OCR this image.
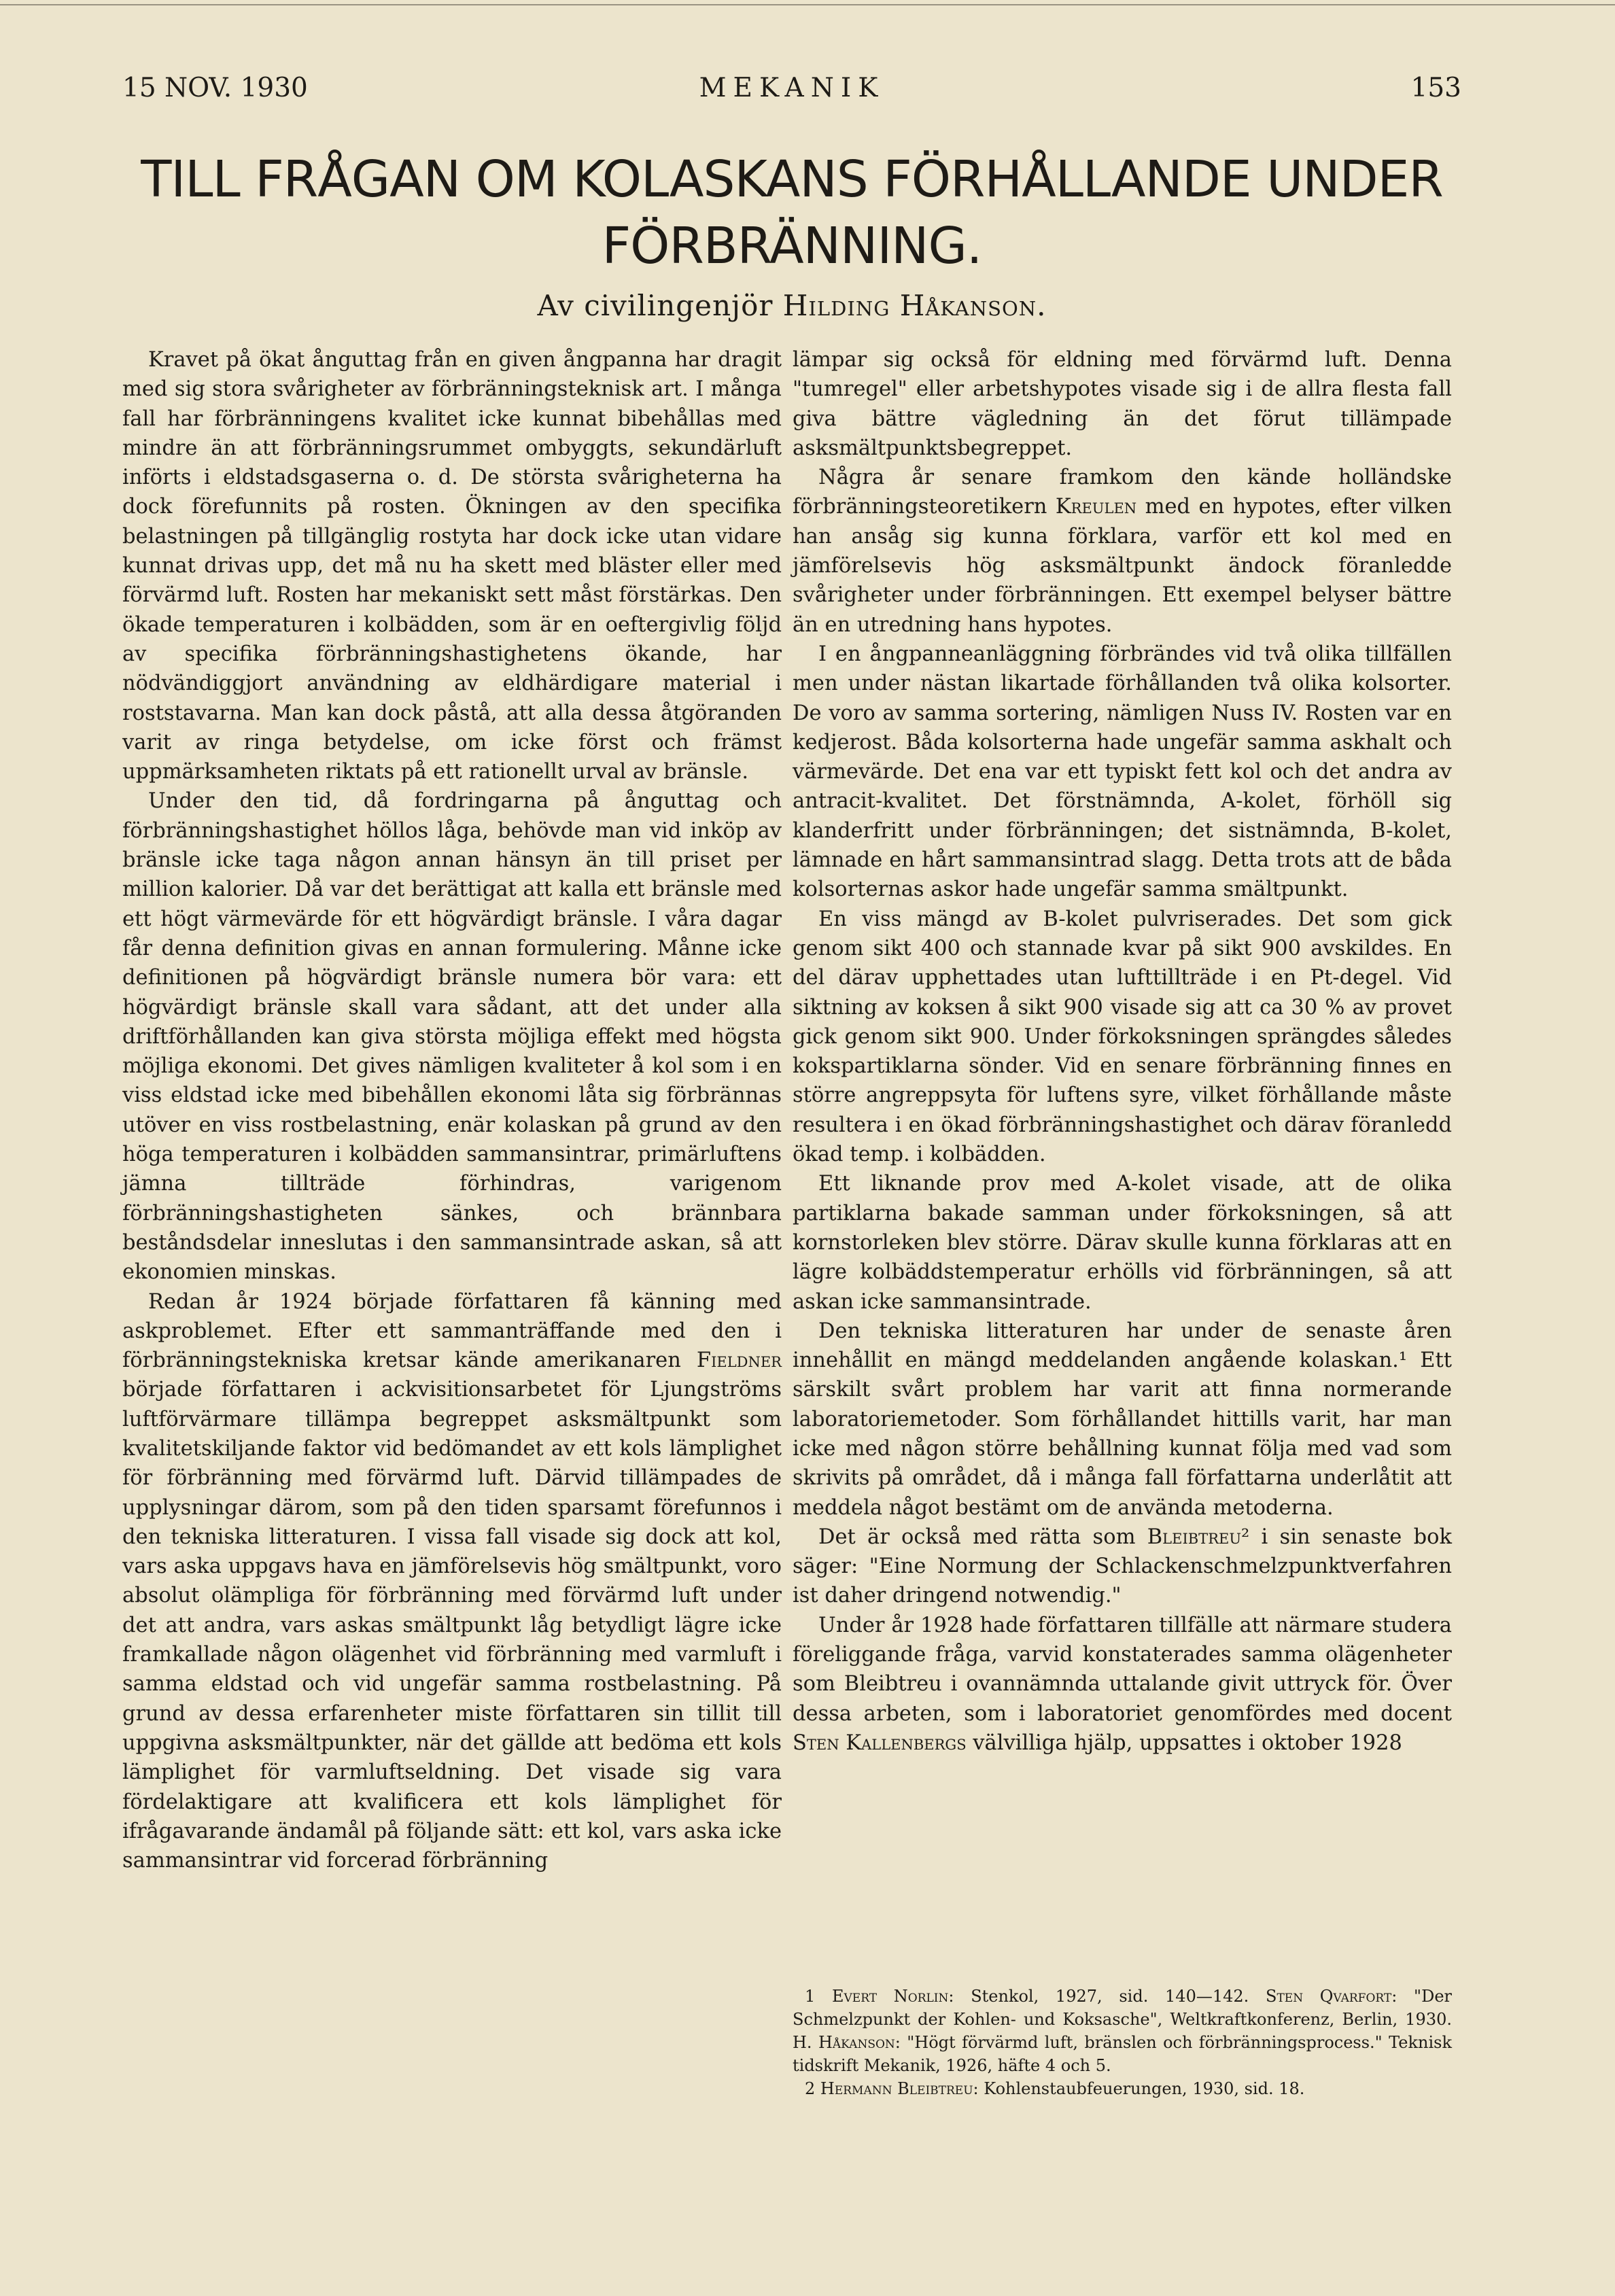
15 NOV. 1930	MEKANIK	153
TILL FRÅGAN OM KOLASKANS FÖRHÅLLANDE UNDER FÖRBRÄNNING.
Av civilingenjör Hilding Håkanson.

Kravet på ökat ånguttag från en given ångpanna har dragit med sig stora svårigheter av förbränningsteknisk art. I många fall har förbränningens kvalitet icke kunnat bibehållas med mindre än att förbränningsrummet ombyggts, sekundärluft införts i eldstadsgaserna o. d. De största svårigheterna ha dock förefunnits på rosten. Ökningen av den specifika belastningen på tillgänglig rostyta har dock icke utan vidare kunnat drivas upp, det må nu ha skett med bläster eller med förvärmd luft. Rosten har mekaniskt sett måst förstärkas. Den ökade temperaturen i kolbädden, som är en oeftergivlig följd av specifika förbränningshastighetens ökande, har nödvändiggjort användning av eldhärdigare material i roststavarna. Man kan dock påstå, att alla dessa åtgöranden varit av ringa betydelse, om icke först och främst uppmärksamheten riktats på ett rationellt urval av bränsle.

Under den tid, då fordringarna på ånguttag och förbränningshastighet höllos låga, behövde man vid inköp av bränsle icke taga någon annan hänsyn än till priset per million kalorier. Då var det berättigat att kalla ett bränsle med ett högt värmevärde för ett högvärdigt bränsle. I våra dagar får denna definition givas en annan formulering. Månne icke definitionen på högvärdigt bränsle numera bör vara: ett högvärdigt bränsle skall vara sådant, att det under alla driftförhållanden kan giva största möjliga effekt med högsta möjliga ekonomi. Det gives nämligen kvaliteter å kol som i en viss eldstad icke med bibehållen ekonomi låta sig förbrännas utöver en viss rostbelastning, enär kolaskan på grund av den höga temperaturen i kolbädden sammansintrar, primärluftens jämna tillträde förhindras, varigenom förbränningshastigheten sänkes, och brännbara beståndsdelar inneslutas i den sammansintrade askan, så att ekonomien minskas.

Redan år 1924 började författaren få känning med askproblemet. Efter ett sammanträffande med den i förbränningstekniska kretsar kände amerikanaren Fieldner började författaren i ackvisitionsarbetet för Ljungströms luftförvärmare tillämpa begreppet asksmältpunkt som kvalitetskiljande faktor vid bedömandet av ett kols lämplighet för förbränning med förvärmd luft. Därvid tillämpades de upplysningar därom, som på den tiden sparsamt förefunnos i den tekniska litteraturen. I vissa fall visade sig dock att kol, vars aska uppgavs hava en jämförelsevis hög smältpunkt, voro absolut olämpliga för förbränning med förvärmd luft under det att andra, vars askas smältpunkt låg betydligt lägre icke framkallade någon olägenhet vid förbränning med varmluft i samma eldstad och vid ungefär samma rostbelastning. På grund av dessa erfarenheter miste författaren sin tillit till uppgivna asksmältpunkter, när det gällde att bedöma ett kols lämplighet för varmluftseldning. Det visade sig vara fördelaktigare att kvalificera ett kols lämplighet för ifrågavarande ändamål på följande sätt: ett kol, vars aska icke sammansintrar vid forcerad förbränning

lämpar sig också för eldning med förvärmd luft. Denna "tumregel" eller arbetshypotes visade sig i de allra flesta fall giva bättre vägledning än det förut tillämpade asksmältpunktsbegreppet.

Några år senare framkom den kände holländske förbränningsteoretikern Kreulen med en hypotes, efter vilken han ansåg sig kunna förklara, varför ett kol med en jämförelsevis hög asksmältpunkt ändock föranledde svårigheter under förbränningen. Ett exempel belyser bättre än en utredning hans hypotes.

I en ångpanneanläggning förbrändes vid två olika tillfällen men under nästan likartade förhållanden två olika kolsorter. De voro av samma sortering, nämligen Nuss IV. Rosten var en kedjerost. Båda kolsorterna hade ungefär samma askhalt och värmevärde. Det ena var ett typiskt fett kol och det andra av antracit-kvalitet. Det förstnämnda, A-kolet, förhöll sig klanderfritt under förbränningen; det sistnämnda, B-kolet, lämnade en hårt sammansintrad slagg. Detta trots att de båda kolsorternas askor hade ungefär samma smältpunkt.

En viss mängd av B-kolet pulvriserades. Det som gick genom sikt 400 och stannade kvar på sikt 900 avskildes. En del därav upphettades utan lufttillträde i en Pt-degel. Vid siktning av koksen å sikt 900 visade sig att ca 30 % av provet gick genom sikt 900. Under förkoksningen sprängdes således kokspartiklarna sönder. Vid en senare förbränning finnes en större angreppsyta för luftens syre, vilket förhållande måste resultera i en ökad förbränningshastighet och därav föranledd ökad temp. i kolbädden.

Ett liknande prov med A-kolet visade, att de olika partiklarna bakade samman under förkoksningen, så att kornstorleken blev större. Därav skulle kunna förklaras att en lägre kolbäddstemperatur erhölls vid förbränningen, så att askan icke sammansintrade.

Den tekniska litteraturen har under de senaste åren innehållit en mängd meddelanden angående kolaskan.¹ Ett särskilt svårt problem har varit att finna normerande laboratoriemetoder. Som förhållandet hittills varit, har man icke med någon större behållning kunnat följa med vad som skrivits på området, då i många fall författarna underlåtit att meddela något bestämt om de använda metoderna.

Det är också med rätta som Bleibtreu² i sin senaste bok säger: "Eine Normung der Schlackenschmelzpunktverfahren ist daher dringend notwendig."

Under år 1928 hade författaren tillfälle att närmare studera föreliggande fråga, varvid konstaterades samma olägenheter som Bleibtreu i ovannämnda uttalande givit uttryck för. Över dessa arbeten, som i laboratoriet genomfördes med docent Sten Kallenbergs välvilliga hjälp, uppsattes i oktober 1928

1 Evert Norlin: Stenkol, 1927, sid. 140—142. Sten Qvarfort: "Der Schmelzpunkt der Kohlen- und Koksasche", Weltkraftkonferenz, Berlin, 1930. H. Håkanson: "Högt förvärmd luft, bränslen och förbränningsprocess." Teknisk tidskrift Mekanik, 1926, häfte 4 och 5.

2 Hermann Bleibtreu: Kohlenstaubfeuerungen, 1930, sid. 18.
